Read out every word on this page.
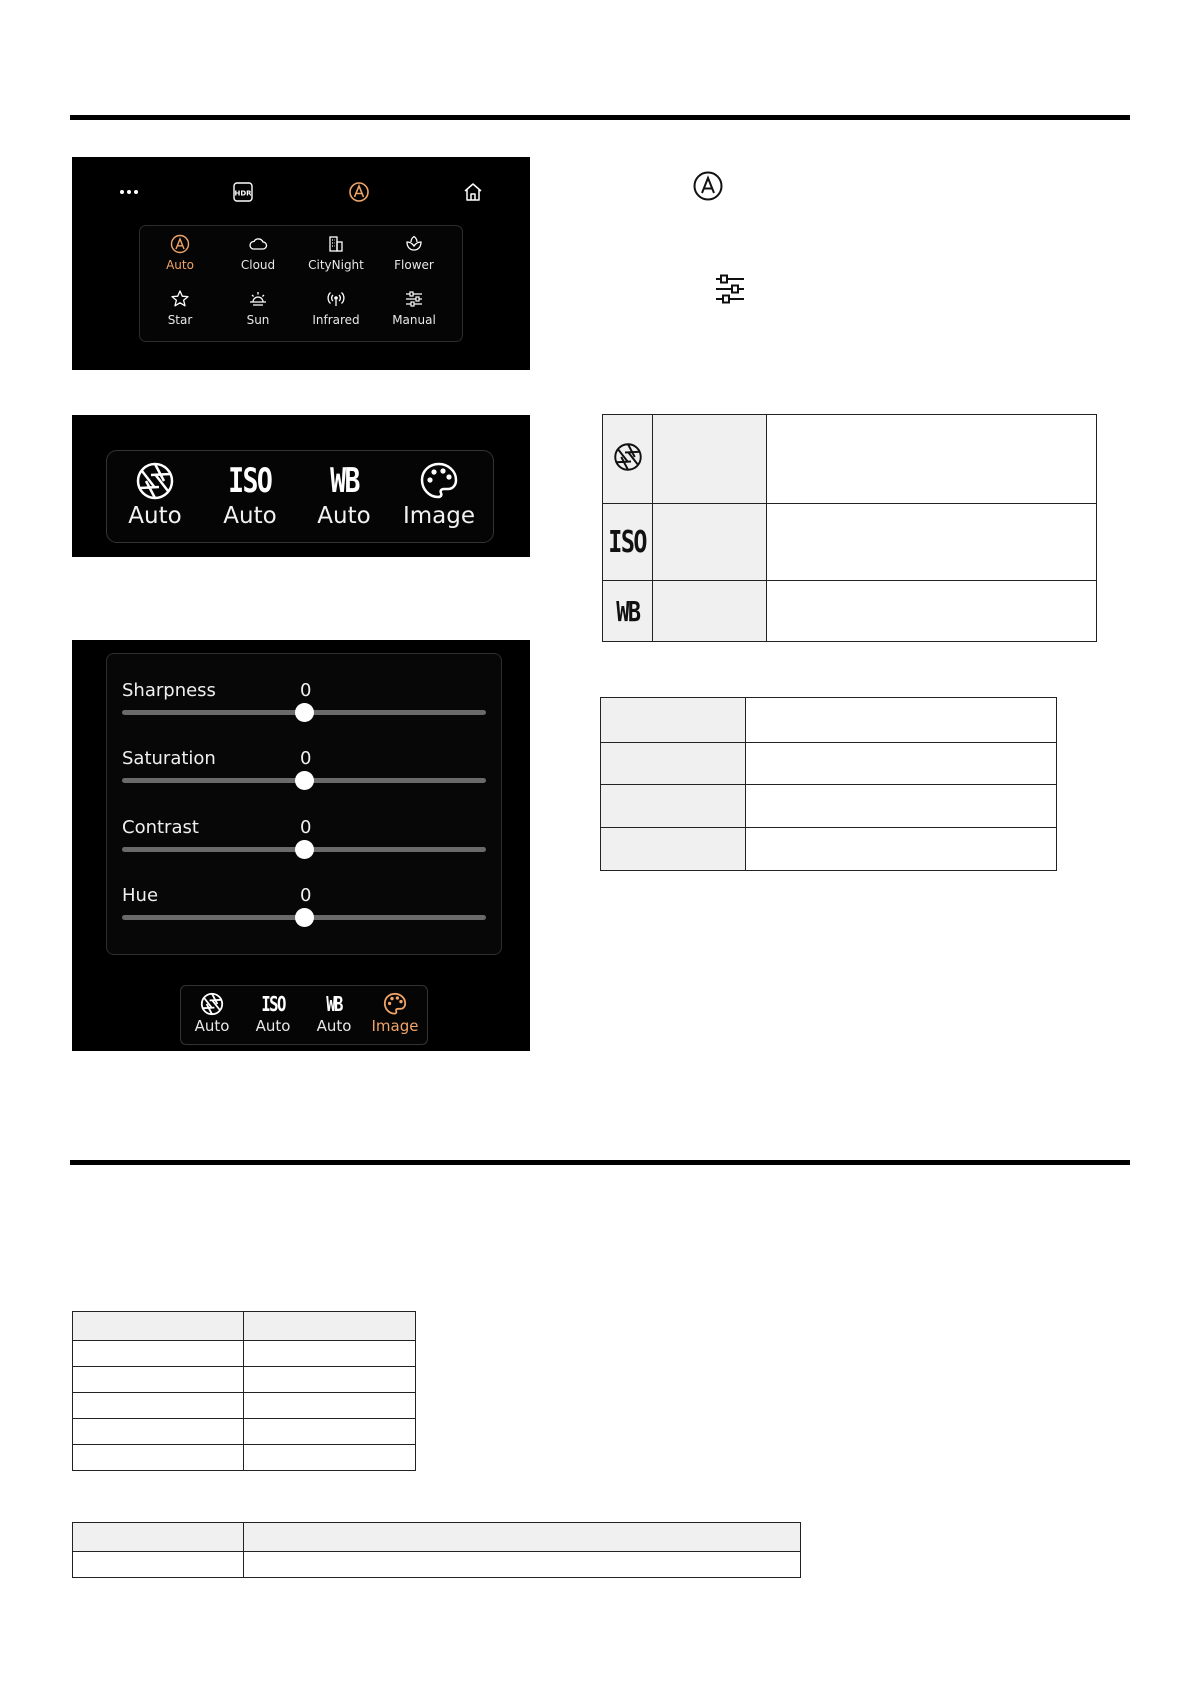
HDR
Auto	Cloud	CityNight	Flower
Star	Sun	Infrared	Manual
Auto
ISO
Auto
WB
Auto	Image
Sharpness	0
Saturation	0
Contrast	0
Hue	0
Auto
ISO
Auto
WB
Auto	Image

ISO		
WB		
